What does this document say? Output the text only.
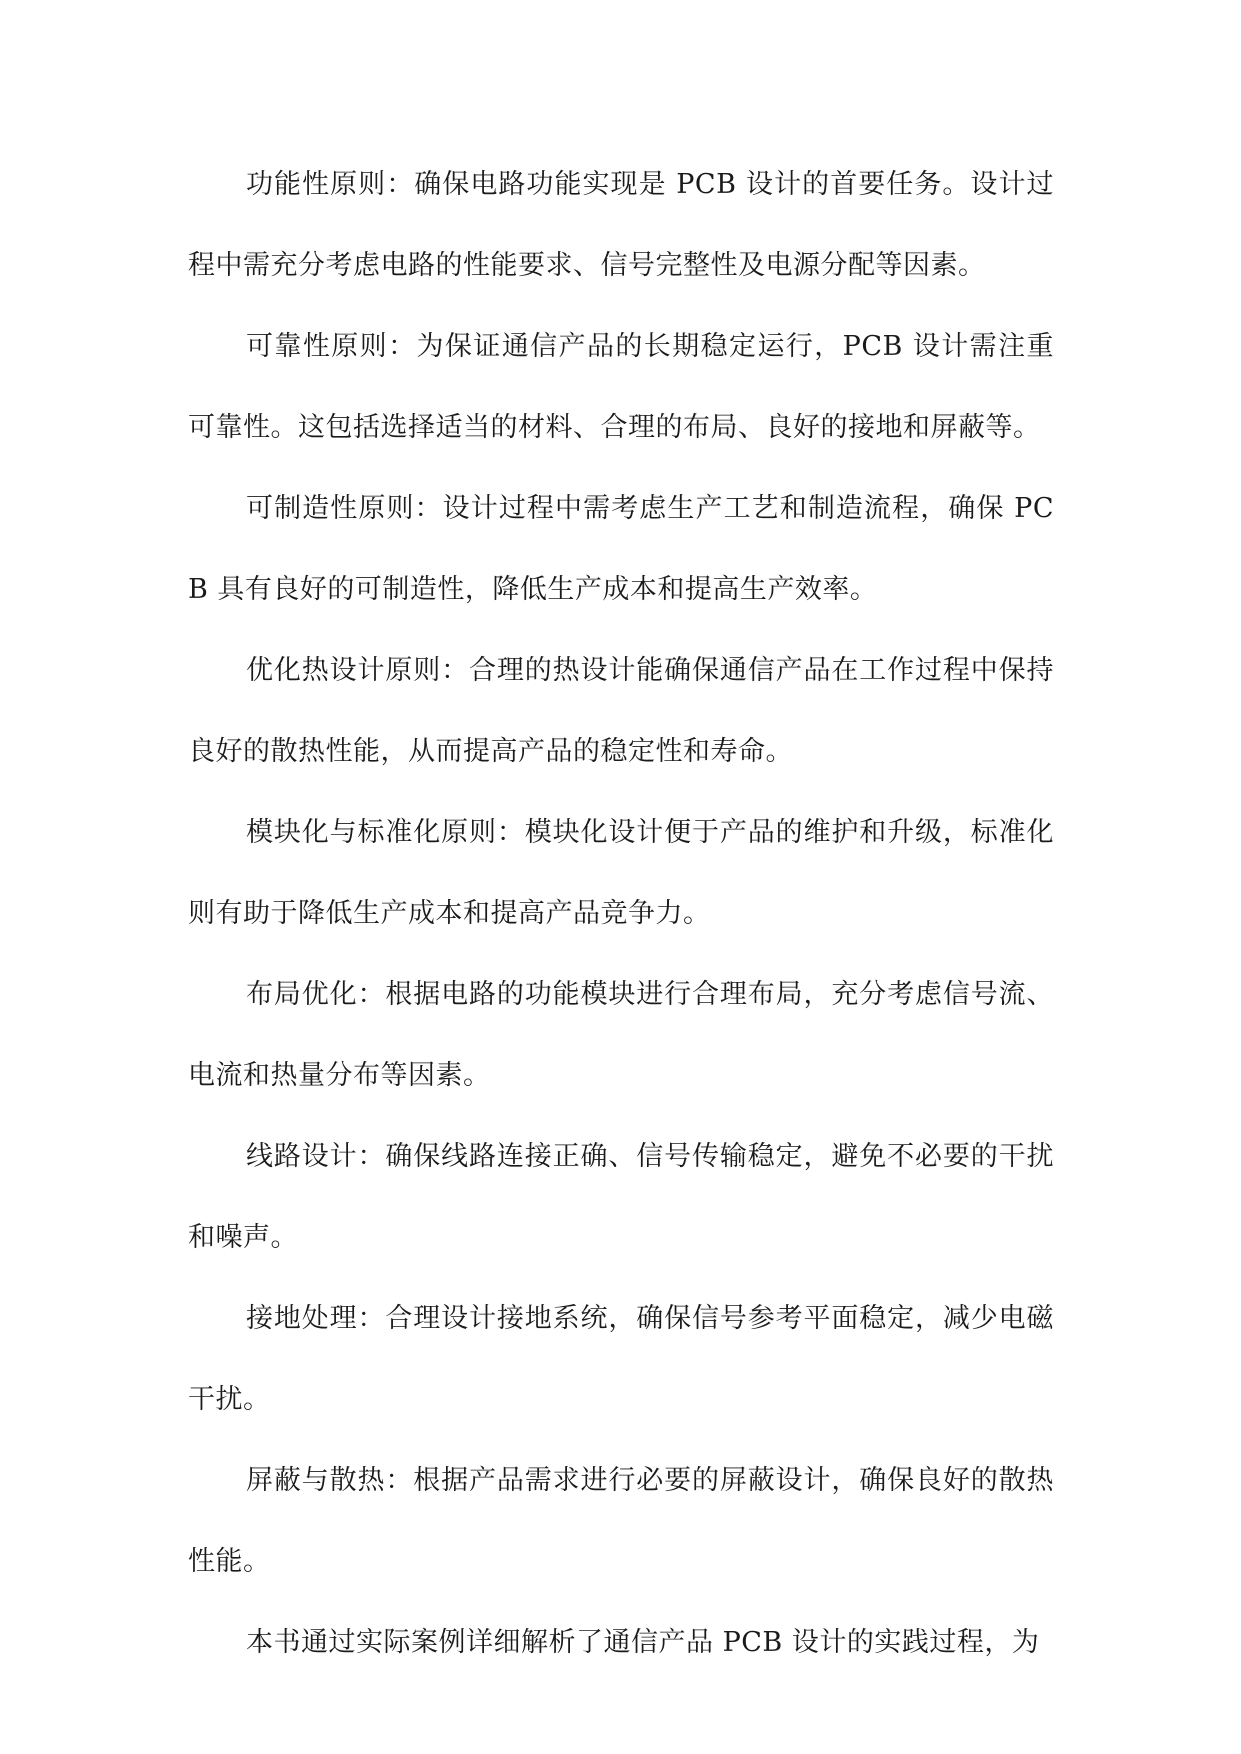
功能性原则：确保电路功能实现是 PCB 设计的首要任务。设计过程中需充分考虑电路的性能要求、信号完整性及电源分配等因素。

可靠性原则：为保证通信产品的长期稳定运行，PCB 设计需注重可靠性。这包括选择适当的材料、合理的布局、良好的接地和屏蔽等。

可制造性原则：设计过程中需考虑生产工艺和制造流程，确保 PCB 具有良好的可制造性，降低生产成本和提高生产效率。

优化热设计原则：合理的热设计能确保通信产品在工作过程中保持良好的散热性能，从而提高产品的稳定性和寿命。

模块化与标准化原则：模块化设计便于产品的维护和升级，标准化则有助于降低生产成本和提高产品竞争力。

布局优化：根据电路的功能模块进行合理布局，充分考虑信号流、电流和热量分布等因素。

线路设计：确保线路连接正确、信号传输稳定，避免不必要的干扰和噪声。

接地处理：合理设计接地系统，确保信号参考平面稳定，减少电磁干扰。

屏蔽与散热：根据产品需求进行必要的屏蔽设计，确保良好的散热性能。

本书通过实际案例详细解析了通信产品 PCB 设计的实践过程，为
